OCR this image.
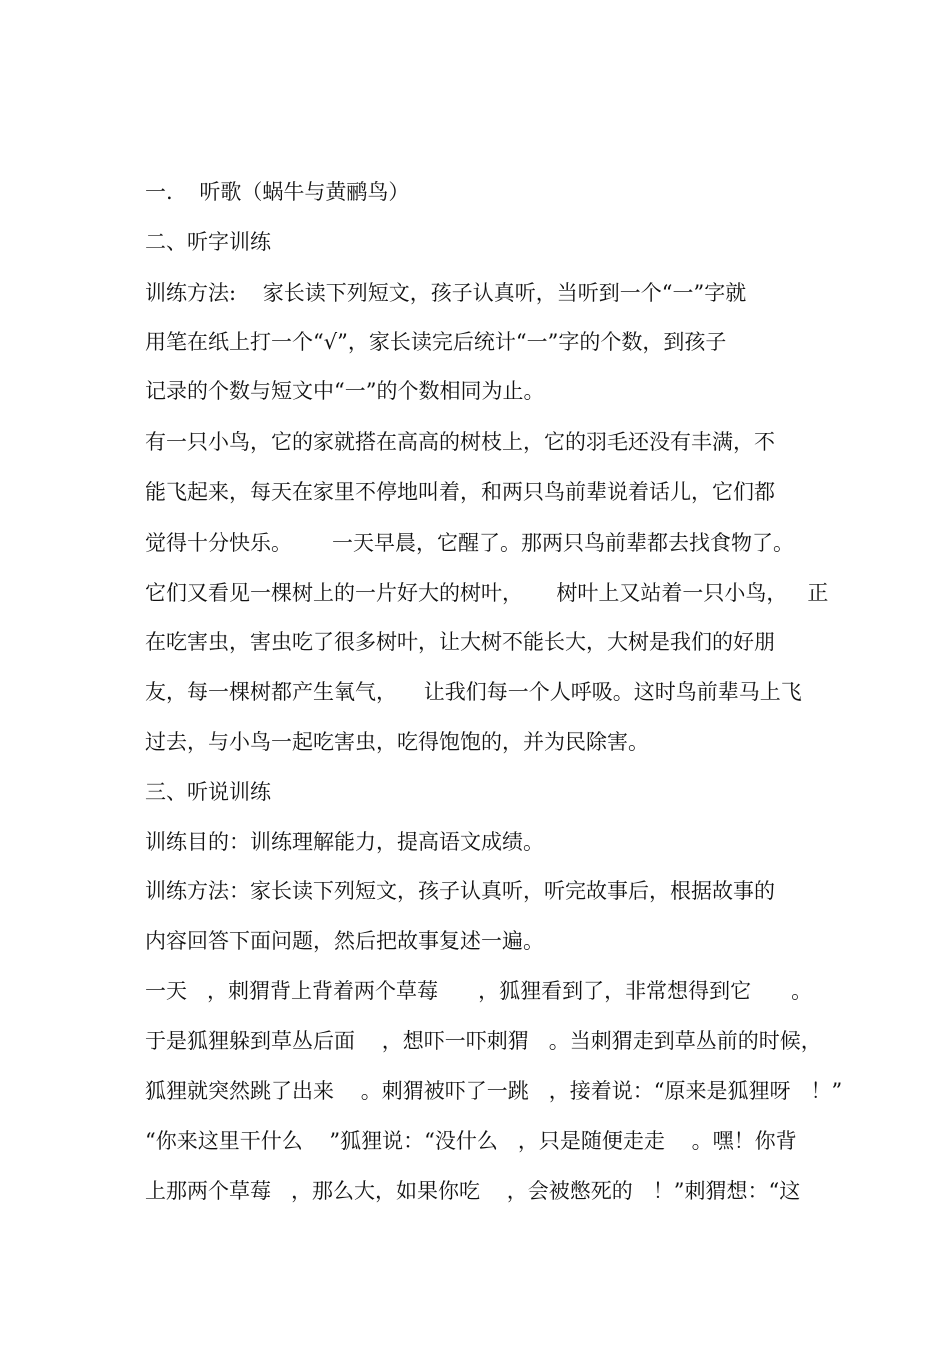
一.    听歌（蜗牛与黄鹂鸟）
二、听字训练
训练方法:    家长读下列短文，孩子认真听，当听到一个“一”字就
用笔在纸上打一个“√”，家长读完后统计“一”字的个数，到孩子
记录的个数与短文中“一”的个数相同为止。
有一只小鸟，它的家就搭在高高的树枝上，它的羽毛还没有丰满，不
能飞起来，每天在家里不停地叫着，和两只鸟前辈说着话儿，它们都
觉得十分快乐。      一天早晨，它醒了。那两只鸟前辈都去找食物了。
它们又看见一棵树上的一片好大的树叶，     树叶上又站着一只小鸟，   正
在吃害虫，害虫吃了很多树叶，让大树不能长大，大树是我们的好朋
友，每一棵树都产生氧气，    让我们每一个人呼吸。这时鸟前辈马上飞
过去，与小鸟一起吃害虫，吃得饱饱的，并为民除害。
三、听说训练
训练目的：训练理解能力，提高语文成绩。
训练方法：家长读下列短文，孩子认真听，听完故事后，根据故事的
内容回答下面问题，然后把故事复述一遍。
一天   ，刺猬背上背着两个草莓      ，狐狸看到了，非常想得到它      。
于是狐狸躲到草丛后面    ，想吓一吓刺猬   。当刺猬走到草丛前的时候，
狐狸就突然跳了出来    。刺猬被吓了一跳   ，接着说：“原来是狐狸呀   ！”
“你来这里干什么    ”狐狸说：“没什么   ，只是随便走走    。嘿！你背
上那两个草莓   ，那么大，如果你吃    ，会被憋死的   ！”刺猬想：“这
